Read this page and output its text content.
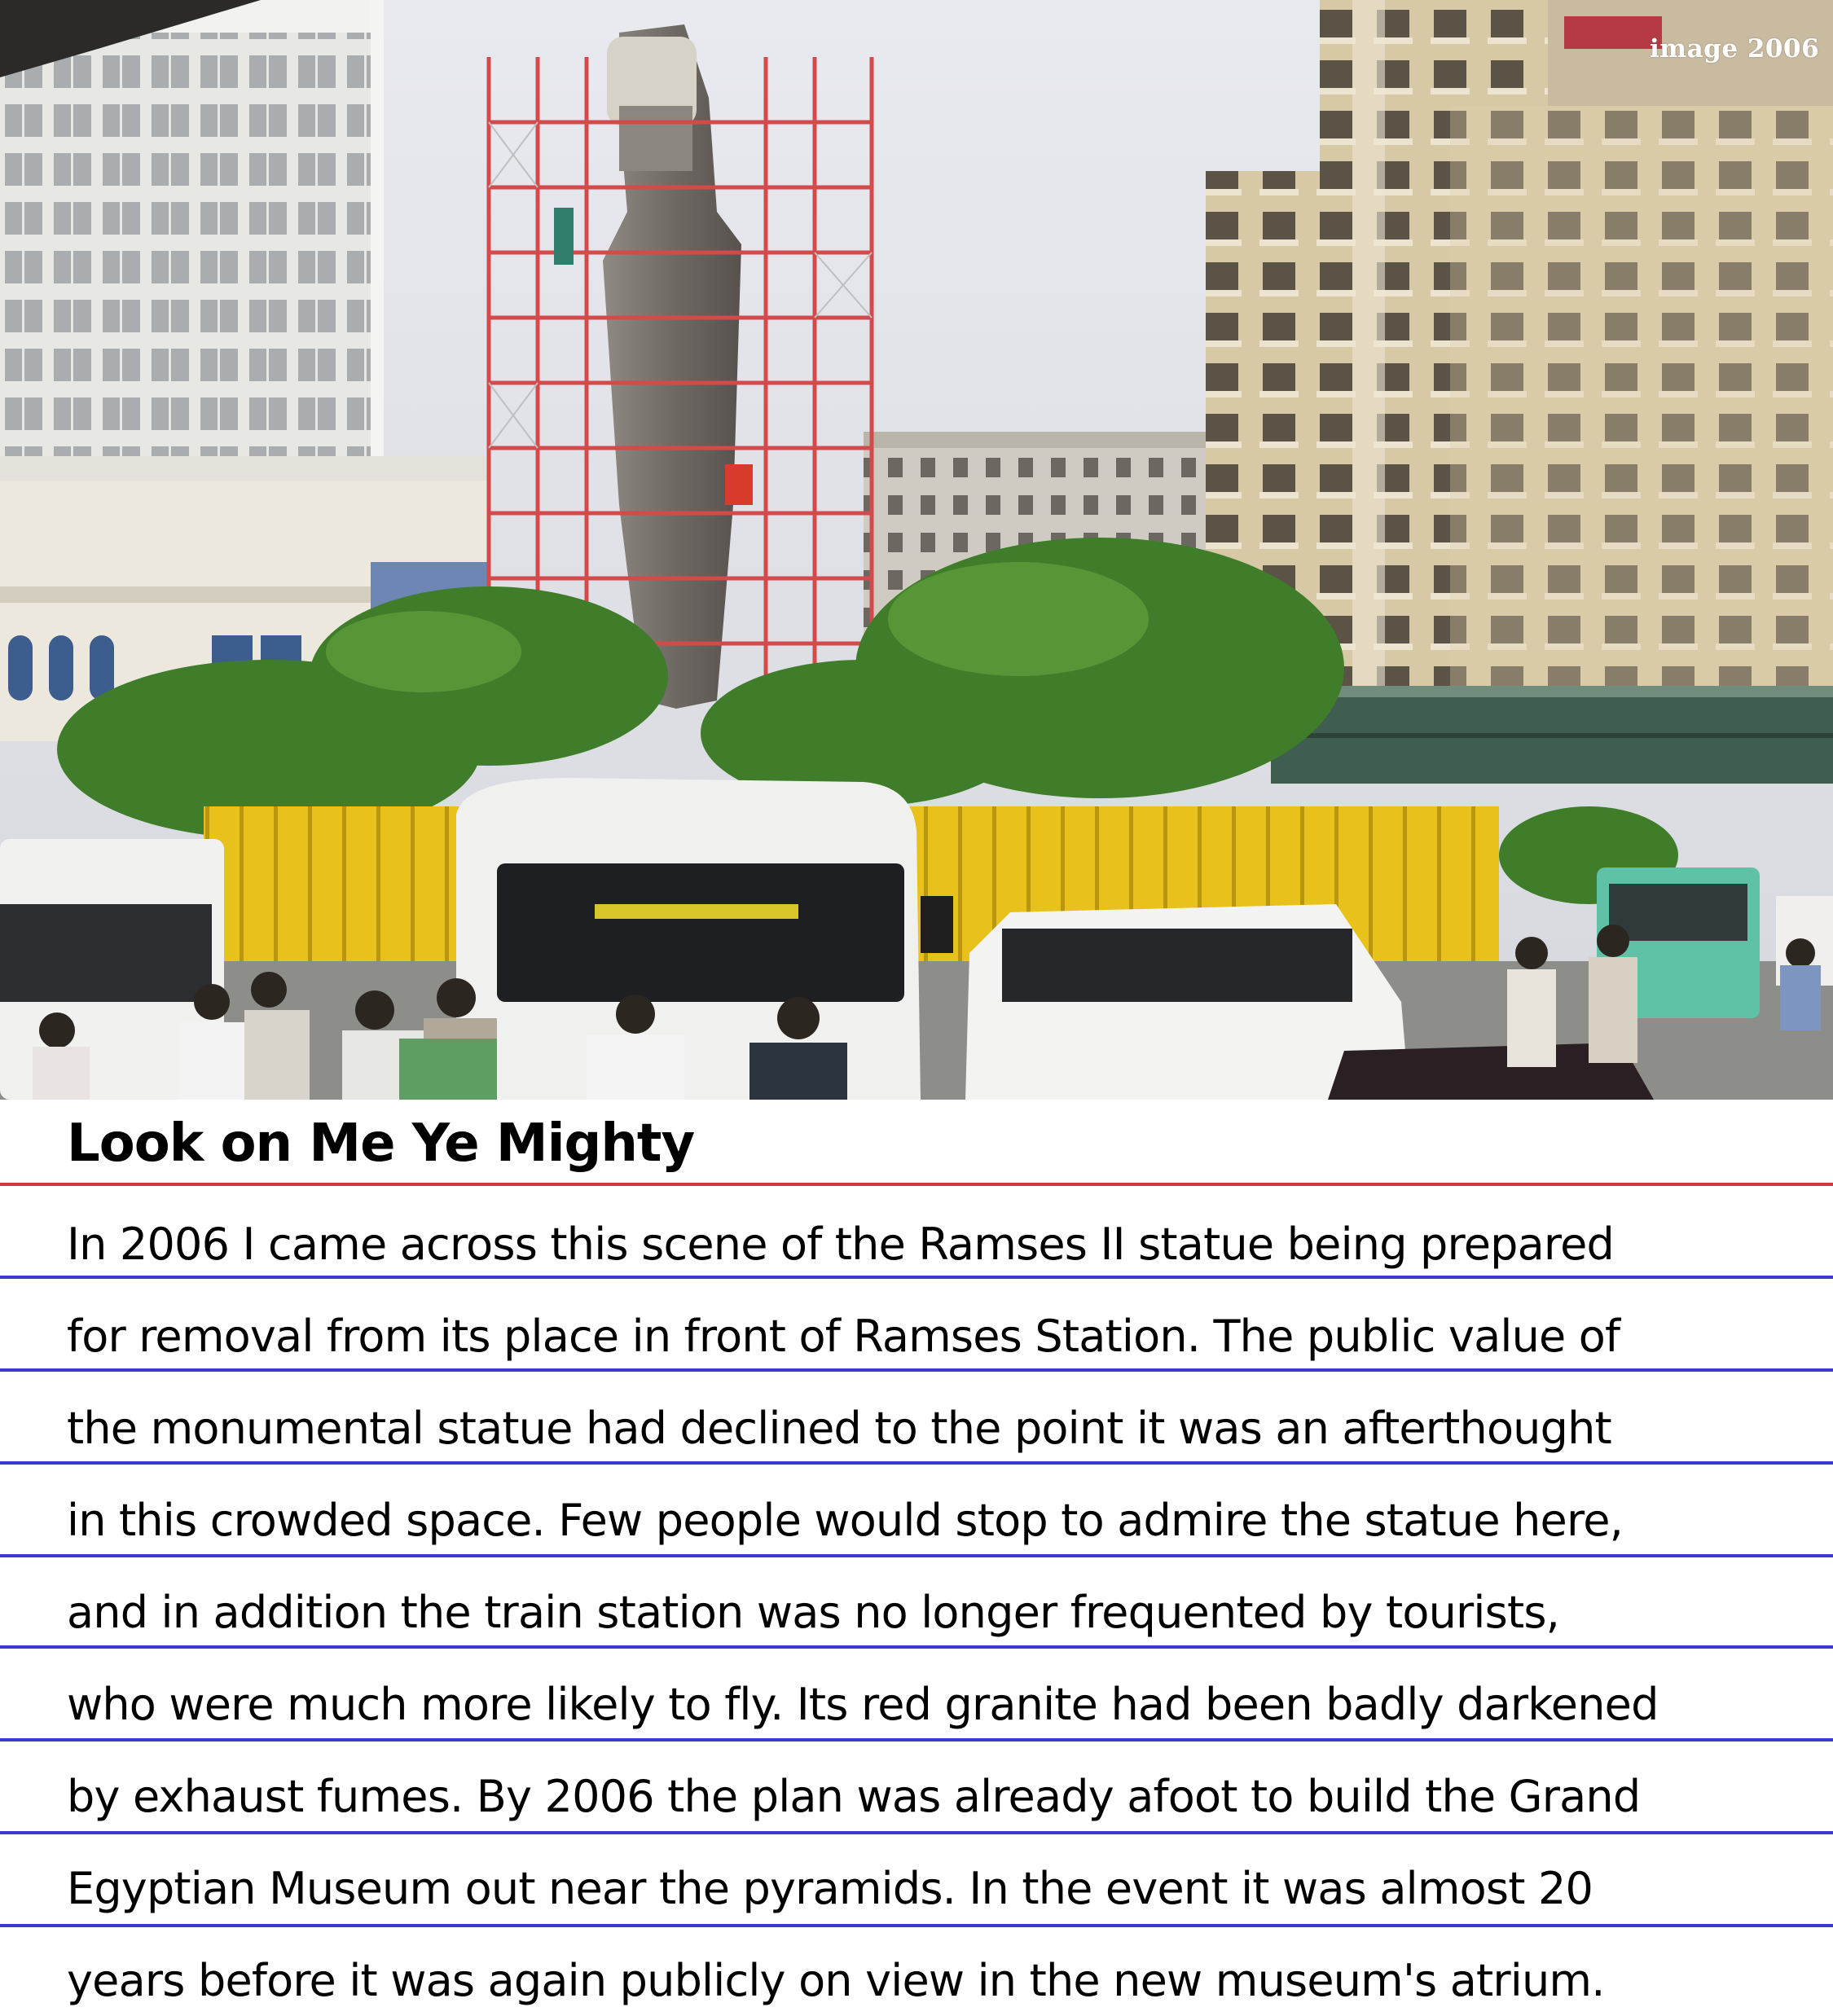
image 2006
Look on Me Ye Mighty

In 2006 I came across this scene of the Ramses II statue being prepared

for removal from its place in front of Ramses Station. The public value of

the monumental statue had declined to the point it was an afterthought

in this crowded space. Few people would stop to admire the statue here,

and in addition the train station was no longer frequented by tourists,

who were much more likely to fly. Its red granite had been badly darkened

by exhaust fumes. By 2006 the plan was already afoot to build the Grand

Egyptian Museum out near the pyramids. In the event it was almost 20

years before it was again publicly on view in the new museum's atrium.
